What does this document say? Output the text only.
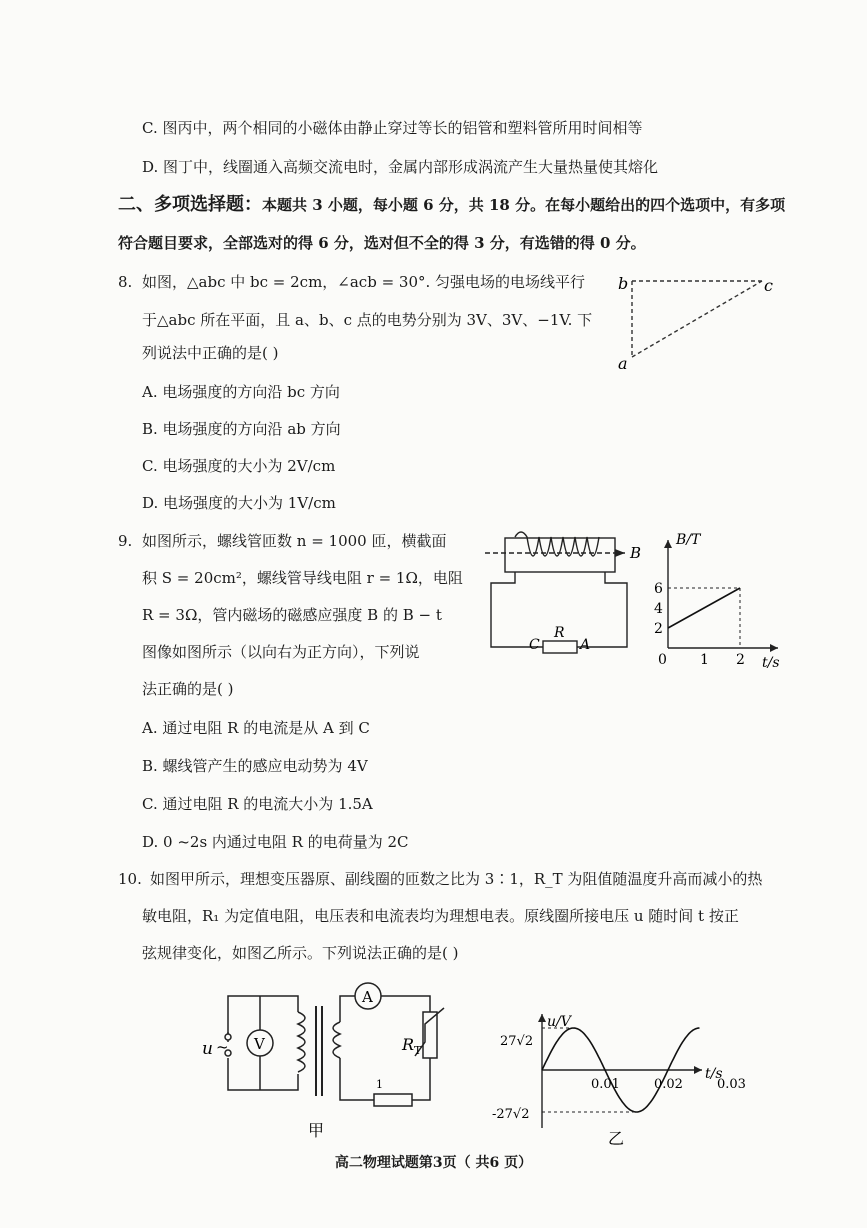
C. 图丙中，两个相同的小磁体由静止穿过等长的铝管和塑料管所用时间相等
D. 图丁中，线圈通入高频交流电时，金属内部形成涡流产生大量热量使其熔化
二、多项选择题：本题共 3 小题，每小题 6 分，共 18 分。在每小题给出的四个选项中，有多项
符合题目要求，全部选对的得 6 分，选对但不全的得 3 分，有选错的得 0 分。
8. 如图，△abc 中 bc = 2cm，∠acb = 30°. 匀强电场的电场线平行
于△abc 所在平面，且 a、b、c 点的电势分别为 3V、3V、−1V. 下
列说法中正确的是( )
A. 电场强度的方向沿 bc 方向
B. 电场强度的方向沿 ab 方向
C. 电场强度的大小为 2V/cm
D. 电场强度的大小为 1V/cm
b	c
a
9. 如图所示，螺线管匝数 n = 1000 匝，横截面
积 S = 20cm²，螺线管导线电阻 r = 1Ω，电阻
R = 3Ω，管内磁场的磁感应强度 B 的 B − t
图像如图所示（以向右为正方向），下列说
法正确的是( )
A. 通过电阻 R 的电流是从 A 到 C
B. 螺线管产生的感应电动势为 4V
C. 通过电阻 R 的电流大小为 1.5A
D. 0 ~2s 内通过电阻 R 的电荷量为 2C
B
C
R
A
0 1 2
2
4
6
B/T
t/s
10. 如图甲所示，理想变压器原、副线圈的匝数之比为 3∶1，R_T 为阻值随温度升高而减小的热
敏电阻，R₁ 为定值电阻，电压表和电流表均为理想电表。原线圈所接电压 u 随时间 t 按正
弦规律变化，如图乙所示。下列说法正确的是( )
u ~ V
A
$R_T$
$_1$
甲
0.01	0.02	0.03
u/V
t/s
27√2
-27√2
乙
高二物理试题第3页（ 共6 页）
